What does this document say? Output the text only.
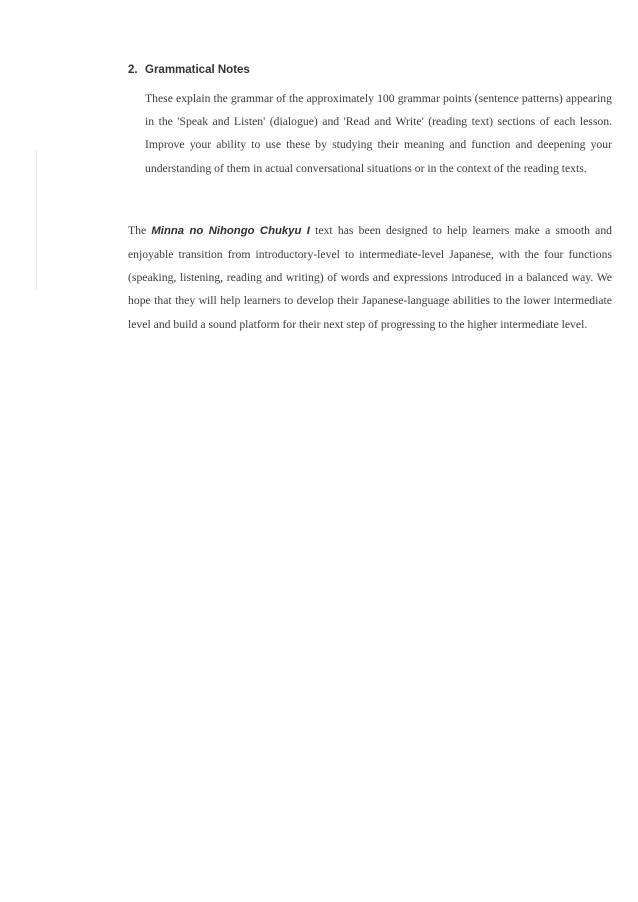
2. Grammatical Notes

These explain the grammar of the approximately 100 grammar points (sentence patterns) appearing in the 'Speak and Listen' (dialogue) and 'Read and Write' (reading text) sections of each lesson. Improve your ability to use these by studying their meaning and function and deepening your understanding of them in actual conversational situations or in the context of the reading texts.

The Minna no Nihongo Chukyu I text has been designed to help learners make a smooth and enjoyable transition from introductory-level to intermediate-level Japanese, with the four functions (speaking, listening, reading and writing) of words and expressions introduced in a balanced way. We hope that they will help learners to develop their Japanese-language abilities to the lower intermediate level and build a sound platform for their next step of progressing to the higher intermediate level.
